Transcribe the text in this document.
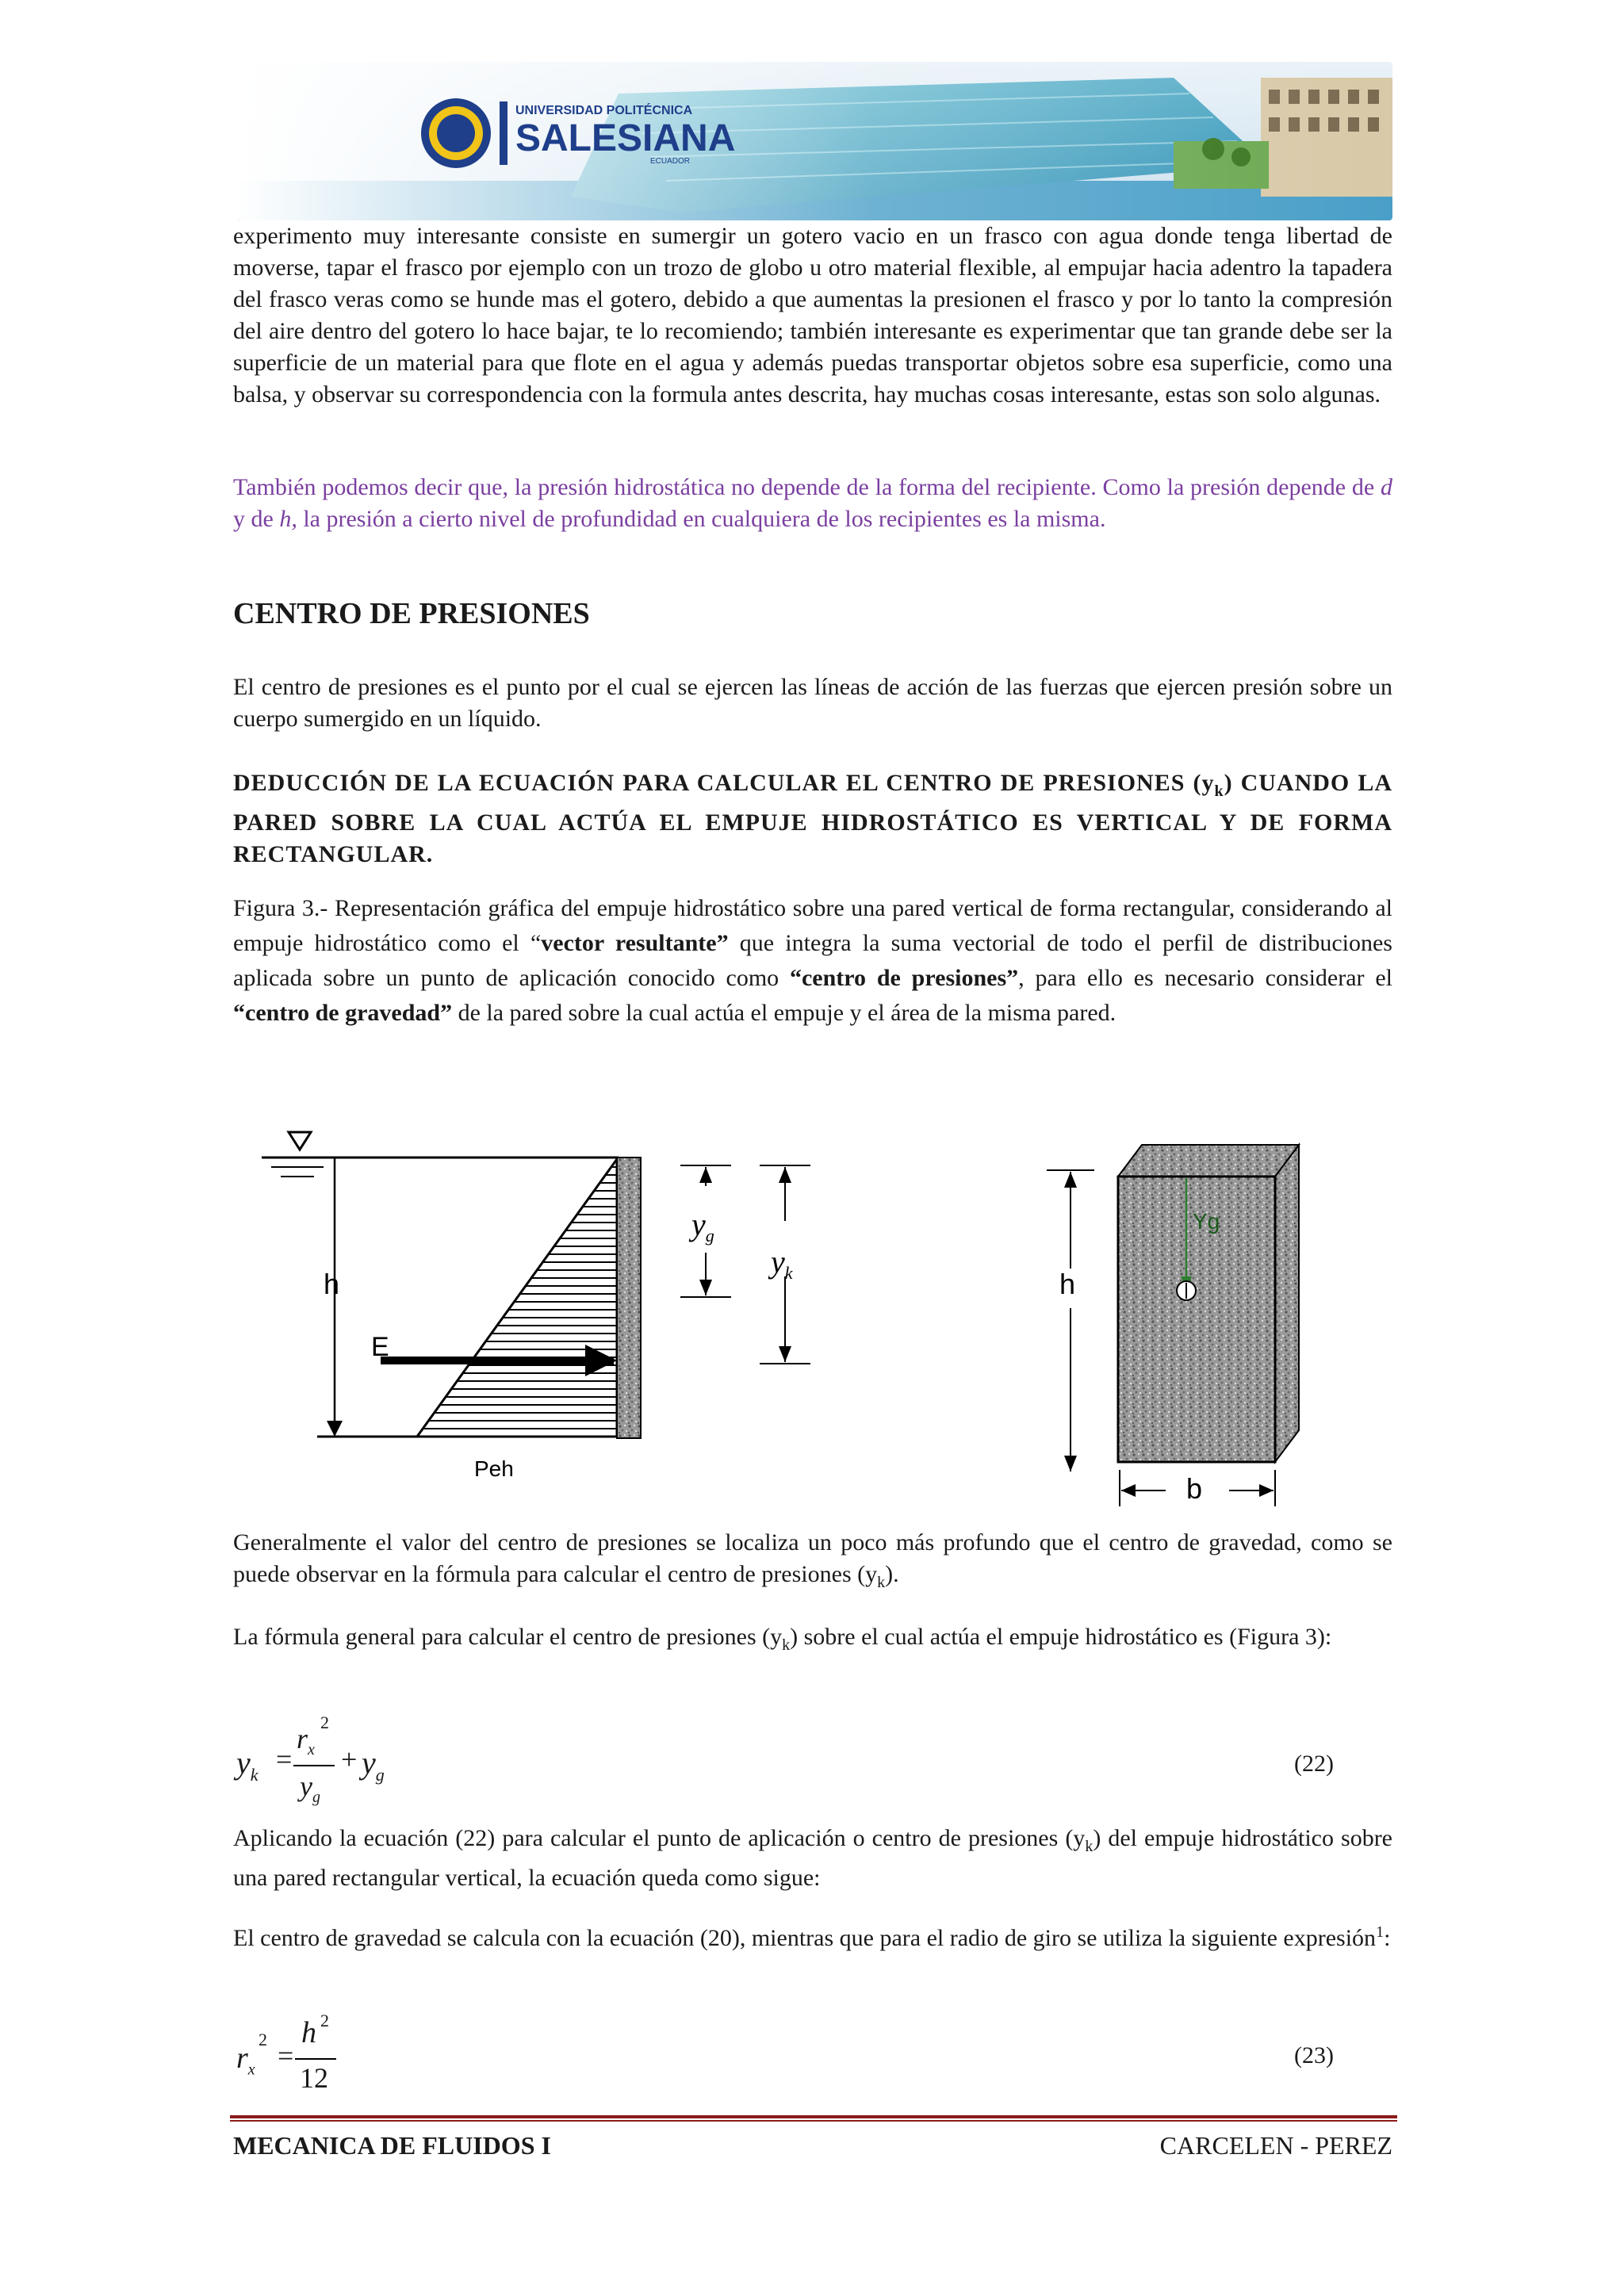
UNIVERSIDAD POLITÉCNICA
SALESIANA
ECUADOR

experimento muy interesante consiste en sumergir un gotero vacio en un frasco con agua donde tenga libertad de moverse, tapar el frasco por ejemplo con un trozo de globo u otro material flexible, al empujar hacia adentro la tapadera del frasco veras como se hunde mas el gotero, debido a que aumentas la presionen el frasco y por lo tanto la compresión del aire dentro del gotero lo hace bajar, te lo recomiendo; también interesante es experimentar que tan grande debe ser la superficie de un material para que flote en el agua y además puedas transportar objetos sobre esa superficie, como una balsa, y observar su correspondencia con la formula antes descrita, hay muchas cosas interesante, estas son solo algunas.

También podemos decir que, la presión hidrostática no depende de la forma del recipiente. Como la presión depende de d y de h, la presión a cierto nivel de profundidad en cualquiera de los recipientes es la misma.

CENTRO DE PRESIONES

El centro de presiones es el punto por el cual se ejercen las líneas de acción de las fuerzas que ejercen presión sobre un cuerpo sumergido en un líquido.

DEDUCCIÓN DE LA ECUACIÓN PARA CALCULAR EL CENTRO DE PRESIONES $(y_k)$ CUANDO LA PARED SOBRE LA CUAL ACTÚA EL EMPUJE HIDROSTÁTICO ES VERTICAL Y DE FORMA RECTANGULAR.

Figura 3.- Representación gráfica del empuje hidrostático sobre una pared vertical de forma rectangular, considerando al empuje hidrostático como el “vector resultante” que integra la suma vectorial de todo el perfil de distribuciones aplicada sobre un punto de aplicación conocido como “centro de presiones”, para ello es necesario considerar el “centro de gravedad” de la pared sobre la cual actúa el empuje y el área de la misma pared.

h
E
Peh
$y_g$
$y_k$	h
Yg
b

Generalmente el valor del centro de presiones se localiza un poco más profundo que el centro de gravedad, como se puede observar en la fórmula para calcular el centro de presiones $(y_k)$.

La fórmula general para calcular el centro de presiones $(y_k)$ sobre el cual actúa el empuje hidrostático es (Figura 3):

$y_k$ =
$r_x$
2
$y_g$
+ $y_g$	(22)

Aplicando la ecuación (22) para calcular el punto de aplicación o centro de presiones $(y_k)$ del empuje hidrostático sobre una pared rectangular vertical, la ecuación queda como sigue:

El centro de gravedad se calcula con la ecuación (20), mientras que para el radio de giro se utiliza la siguiente expresión$^1$:

$r_x$
2
=
h 2
12
(23)
MECANICA DE FLUIDOS I	CARCELEN - PEREZ
